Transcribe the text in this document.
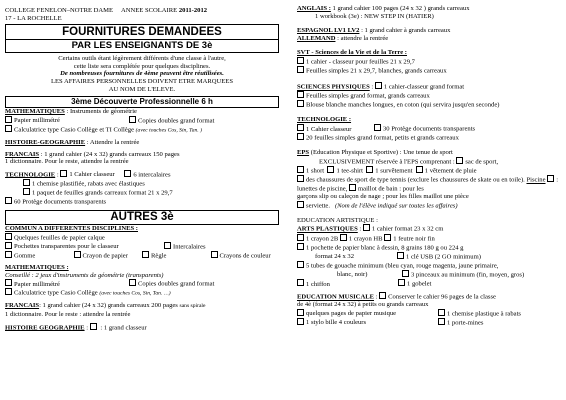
COLLEGE FENELON–NOTRE DAME ANNEE SCOLAIRE 2011-2012
17 - LA ROCHELLE
FOURNITURES DEMANDEES
PAR LES ENSEIGNANTS DE 3è
Certains outils étant légèrement différents d'une classe à l'autre,
cette liste sera complétée pour quelques disciplines.
De nombreuses fournitures de 4ème peuvent être réutilisées.
LES AFFAIRES PERSONNELLES DOIVENT ETRE MARQUEES
AU NOM DE L'ELEVE.
3ème Découverte Professionnelle 6 h
MATHEMATIQUES : Instruments de géométrie
Papier millimétré	Copies doubles grand format
Calculatrice type Casio Collège et TI Collège (avec touches Cos, Sin, Tan. )
HISTOIRE-GEOGRAPHIE : Attendre la rentrée
FRANCAIS : 1 grand cahier (24 x 32) grands carreaux 150 pages
1 dictionnaire. Pour le reste, attendre la rentrée
TECHNOLOGIE : 1 Cahier classeur	6 intercalaires
1 chemise plastifiée, rabats avec élastiques
1 paquet de feuilles grands carreaux format 21 x 29,7
60 Protège documents transparents
AUTRES 3è
COMMUN A DIFFERENTES DISCIPLINES :
Quelques feuilles de papier calque
Pochettes transparentes pour le classeur	Intercalaires
Gomme	Crayon de papier	Règle	Crayons de couleur
MATHEMATIQUES :
Conseillé : 2 jeux d'instruments de géométrie (transparents)
Papier millimétré	Copies doubles grand format
Calculatrice type Casio Collège (avec touches Cos, Sin, Tan. …)
FRANCAIS: 1 grand cahier (24 x 32) grands carreaux 200 pages sans spirale
1 dictionnaire. Pour le reste : attendre la rentrée
HISTOIRE GEOGRAPHIE :  : 1 grand classeur
ANGLAIS : 1 grand cahier 100 pages (24 x 32 ) grands carreaux
1 workbook (3e) : NEW STEP IN (HATIER)
ESPAGNOL LV1 LV2 : 1 grand cahier à grands carreaux
ALLEMAND : attendre la rentrée
SVT - Sciences de la Vie et de la Terre :
1 cahier - classeur pour feuilles 21 x 29,7
Feuilles simples 21 x 29,7, blanches, grands carreaux
SCIENCES PHYSIQUES : 1 cahier-classeur grand format
Feuilles simples grand format, grands carreaux
Blouse blanche manches longues, en coton (qui servira jusqu'en seconde)
TECHNOLOGIE :
1 Cahier classeur	30 Protège documents transparents
20 feuilles simples grand format, petits et grands carreaux
EPS (Education Physique et Sportive) : Une tenue de sport
EXCLUSIVEMENT réservée à l'EPS comprenant : sac de sport,
1 short 1 tee-shirt 1 survêtement 1 vêtement de pluie
des chaussures de sport de type tennis (exclure les chaussures de skate ou en toile). Piscine : lunettes de piscine, maillot de bain : pour les
garçons slip ou caleçon de nage ; pour les filles maillot une pièce
serviette. (Nom de l'élève indiqué sur toutes les affaires)
EDUCATION ARTISTIQUE :
ARTS PLASTIQUES : 1 cahier format 23 x 32 cm
1 crayon 2B 1 crayon HB 1 feutre noir fin
1 pochette de papier blanc à dessin, 8 grains 180 g ou 224 g
format 24 x 32	1 clé USB (2 GO minimum)
5 tubes de gouache minimum (bleu cyan, rouge magenta, jaune primaire,
blanc, noir)	3 pinceaux au minimum (fin, moyen, gros)
1 chiffon	1 gobelet
EDUCATION MUSICALE : Conserver le cahier 96 pages de la classe
de 4è (format 24 x 32) à petits ou grands carreaux
quelques pages de papier musique	1 chemise plastique à rabats
1 stylo bille 4 couleurs	1 porte-mines
